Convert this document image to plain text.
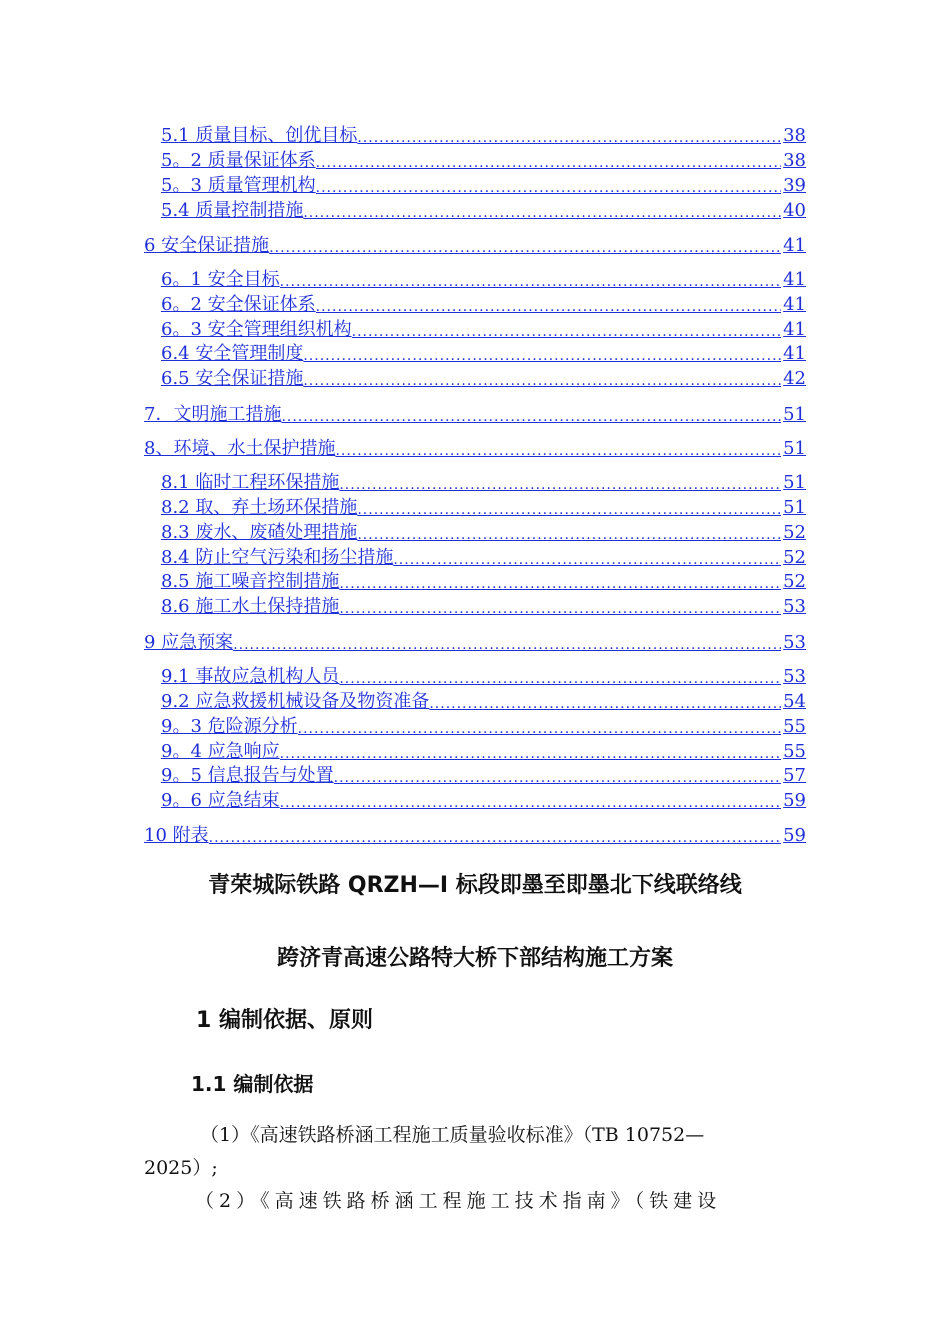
5.1 质量目标、创优目标 .....	38
5。2 质量保证体系 .....	38
5。3 质量管理机构 .....	39
5.4 质量控制措施 .....	40
6 安全保证措施 .....	41
6。1 安全目标 .....	41
6。2 安全保证体系 .....	41
6。3 安全管理组织机构 .....	41
6.4 安全管理制度 .....	41
6.5 安全保证措施 .....	42
7．文明施工措施 .....	51
8、环境、水土保护措施 .....	51
8.1 临时工程环保措施 .....	51
8.2 取、弃土场环保措施 .....	51
8.3 废水、废碴处理措施 .....	52
8.4 防止空气污染和扬尘措施 .....	52
8.5 施工噪音控制措施 .....	52
8.6 施工水土保持措施 .....	53
9 应急预案 .....	53
9.1 事故应急机构人员 .....	53
9.2 应急救援机械设备及物资准备 .....	54
9。3 危险源分析 .....	55
9。4 应急响应 .....	55
9。5 信息报告与处置 .....	57
9。6 应急结束 .....	59
10 附表 .....	59
青荣城际铁路 QRZH—Ⅰ 标段即墨至即墨北下线联络线
跨济青高速公路特大桥下部结构施工方案
1 编制依据、原则
1.1 编制依据
（1）《高速铁路桥涵工程施工质量验收标准》（TB 10752—
2025）;
（2）《高速铁路桥涵工程施工技术指南》（铁建设
